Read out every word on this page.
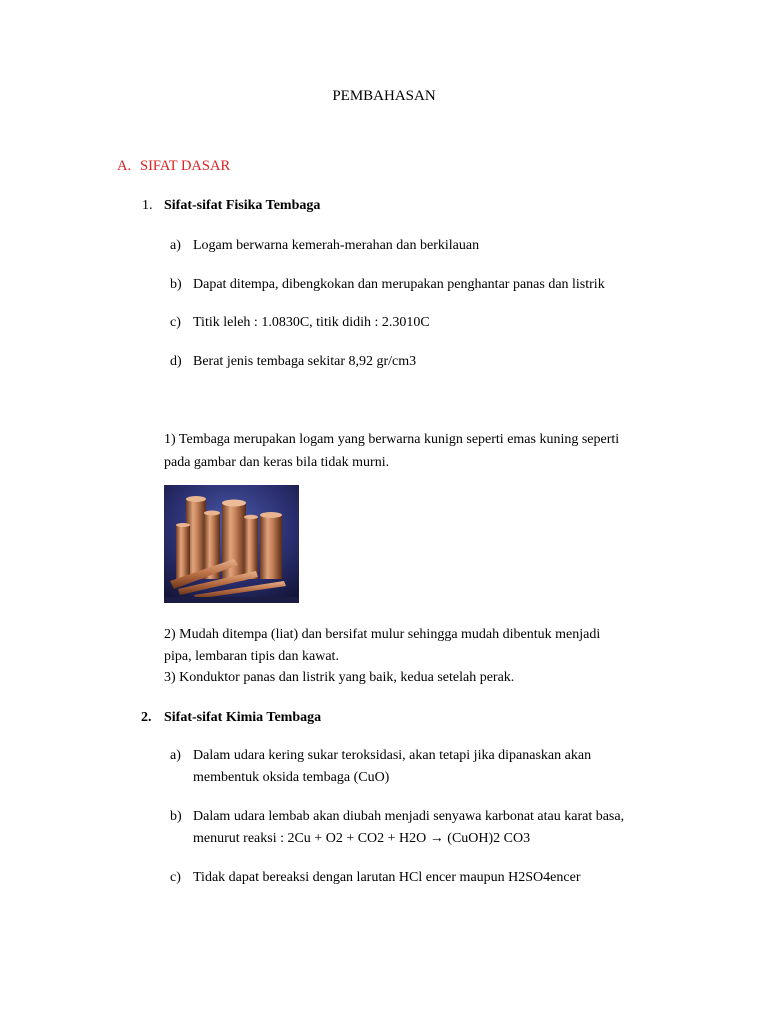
PEMBAHASAN
A. SIFAT DASAR
1. Sifat-sifat Fisika Tembaga
a) Logam berwarna kemerah-merahan dan berkilauan
b) Dapat ditempa, dibengkokan dan merupakan penghantar panas dan listrik
c) Titik leleh : 1.0830C, titik didih : 2.3010C
d) Berat jenis tembaga sekitar 8,92 gr/cm3
1) Tembaga merupakan logam yang berwarna kunign seperti emas kuning seperti
pada gambar dan keras bila tidak murni.
2) Mudah ditempa (liat) dan bersifat mulur sehingga mudah dibentuk menjadi
pipa, lembaran tipis dan kawat.
3) Konduktor panas dan listrik yang baik, kedua setelah perak.
2. Sifat-sifat Kimia Tembaga
a) Dalam udara kering sukar teroksidasi, akan tetapi jika dipanaskan akan
membentuk oksida tembaga (CuO)
b) Dalam udara lembab akan diubah menjadi senyawa karbonat atau karat basa,
menurut reaksi : 2Cu + O2 + CO2 + H2O → (CuOH)2 CO3
c) Tidak dapat bereaksi dengan larutan HCl encer maupun H2SO4encer
